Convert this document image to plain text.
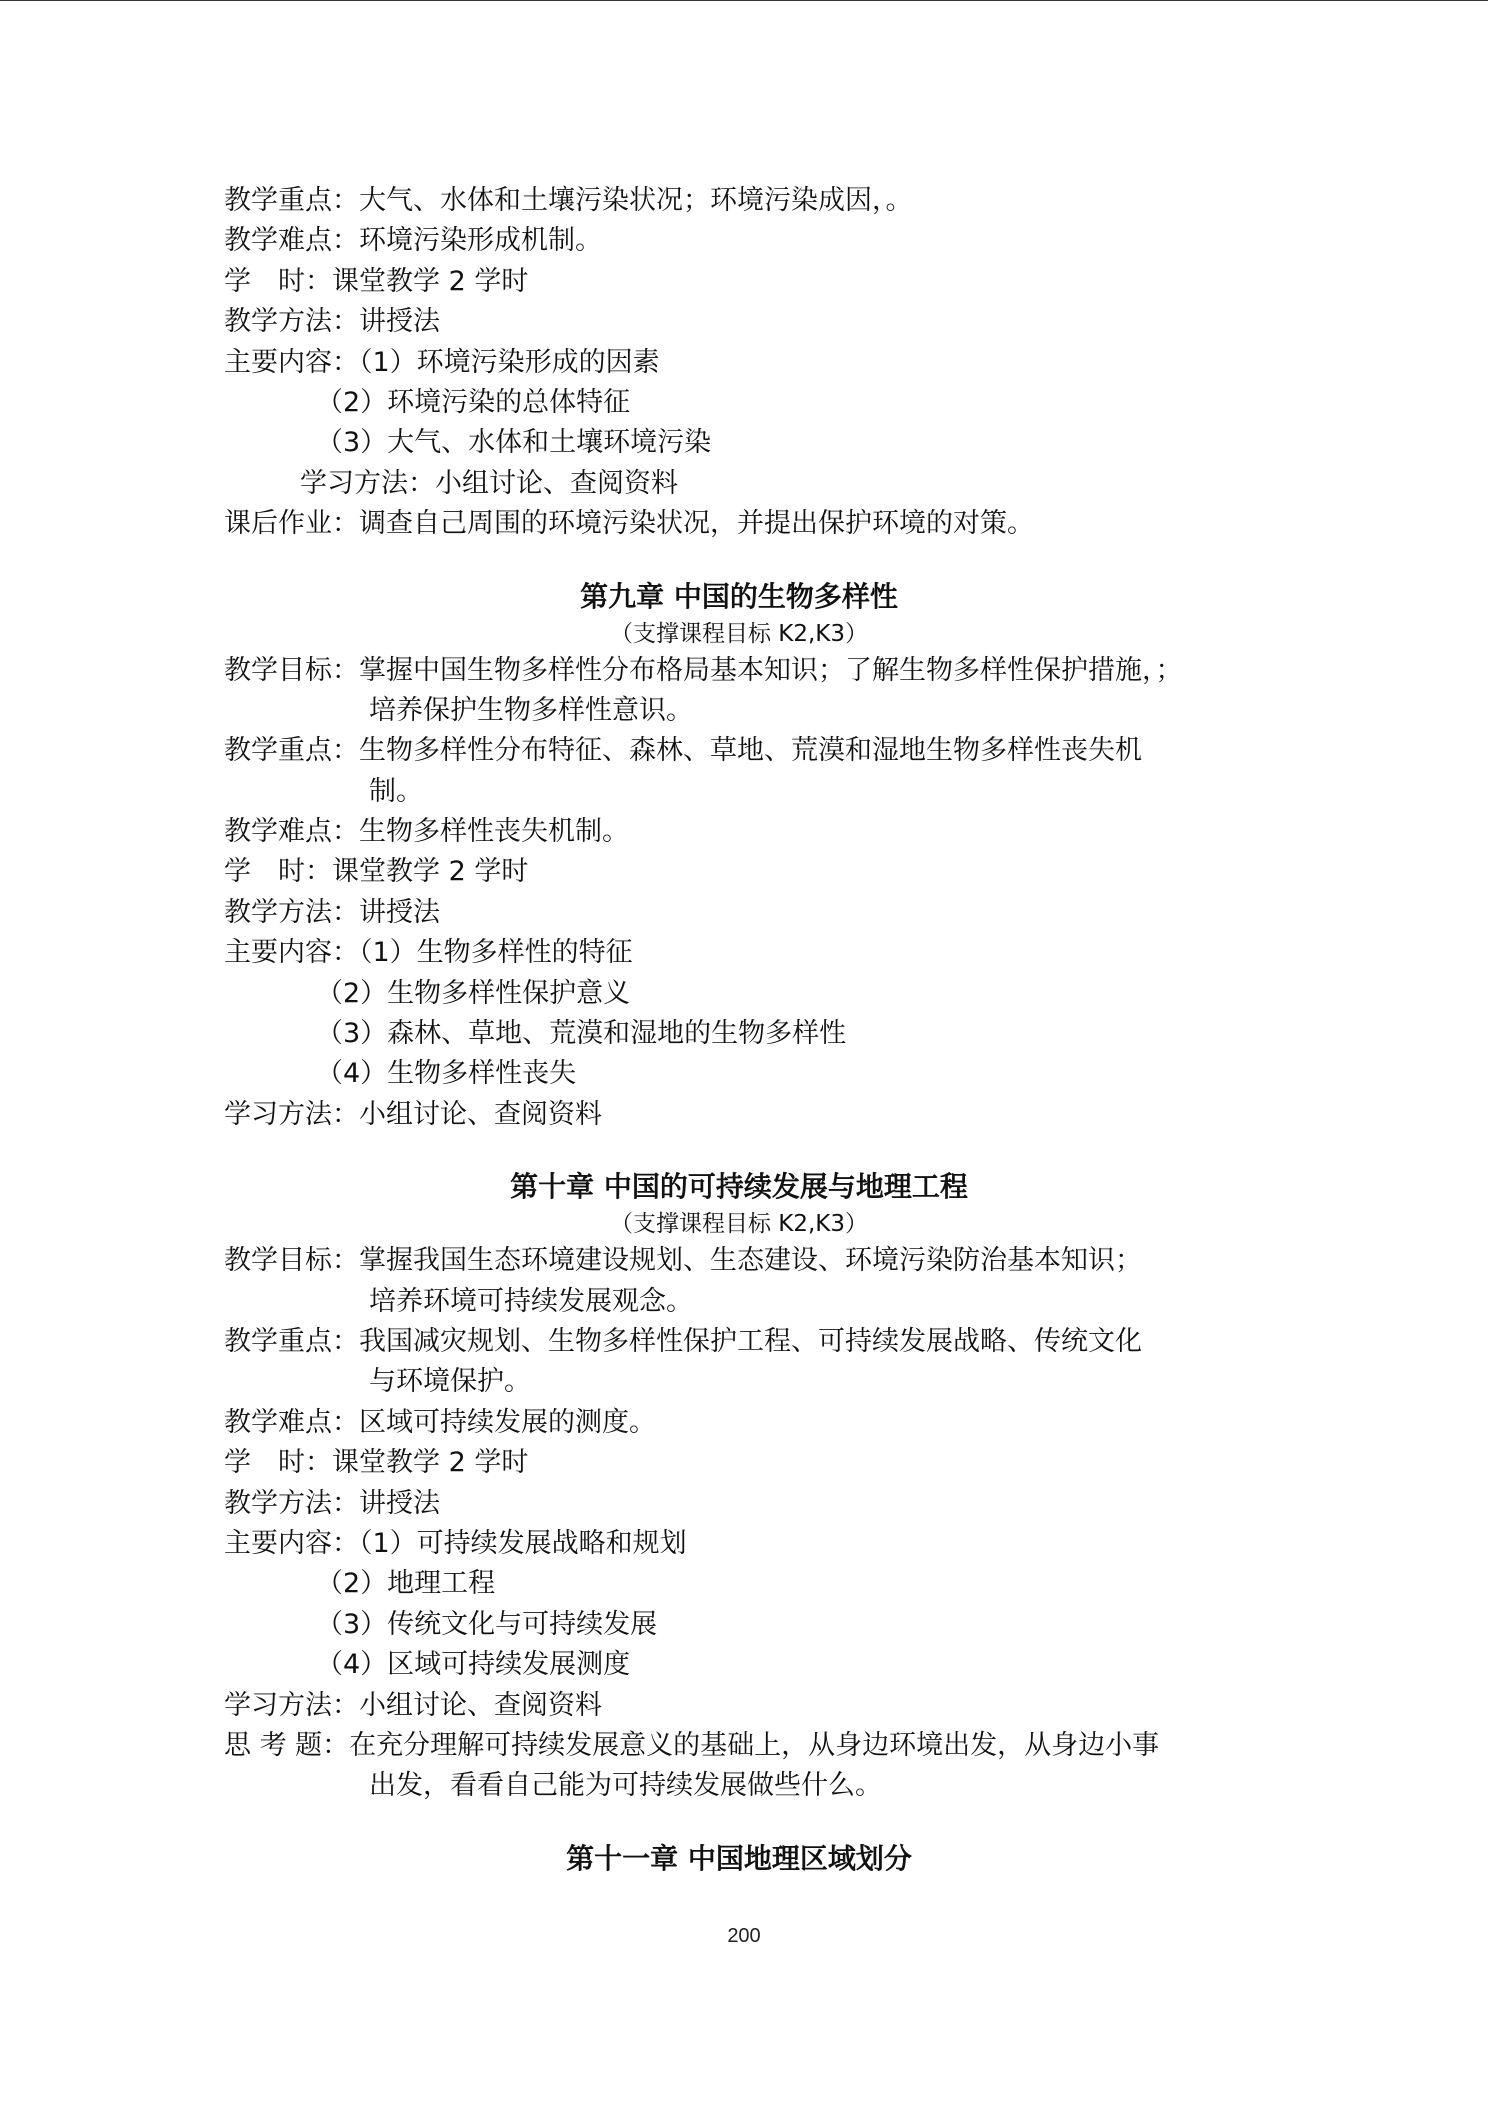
教学重点：大气、水体和土壤污染状况；环境污染成因，。
教学难点：环境污染形成机制。
学　时：课堂教学 2 学时
教学方法：讲授法
主要内容：（1）环境污染形成的因素
（2）环境污染的总体特征
（3）大气、水体和土壤环境污染
学习方法：小组讨论、查阅资料
课后作业：调查自己周围的环境污染状况，并提出保护环境的对策。
第九章 中国的生物多样性
（支撑课程目标 K2,K3）
教学目标：掌握中国生物多样性分布格局基本知识；了解生物多样性保护措施，；
培养保护生物多样性意识。
教学重点：生物多样性分布特征、森林、草地、荒漠和湿地生物多样性丧失机
制。
教学难点：生物多样性丧失机制。
学　时：课堂教学 2 学时
教学方法：讲授法
主要内容：（1）生物多样性的特征
（2）生物多样性保护意义
（3）森林、草地、荒漠和湿地的生物多样性
（4）生物多样性丧失
学习方法：小组讨论、查阅资料
第十章 中国的可持续发展与地理工程
（支撑课程目标 K2,K3）
教学目标：掌握我国生态环境建设规划、生态建设、环境污染防治基本知识；
培养环境可持续发展观念。
教学重点：我国减灾规划、生物多样性保护工程、可持续发展战略、传统文化
与环境保护。
教学难点：区域可持续发展的测度。
学　时：课堂教学 2 学时
教学方法：讲授法
主要内容：（1）可持续发展战略和规划
（2）地理工程
（3）传统文化与可持续发展
（4）区域可持续发展测度
学习方法：小组讨论、查阅资料
思 考 题：在充分理解可持续发展意义的基础上，从身边环境出发，从身边小事
出发，看看自己能为可持续发展做些什么。
第十一章 中国地理区域划分
200
